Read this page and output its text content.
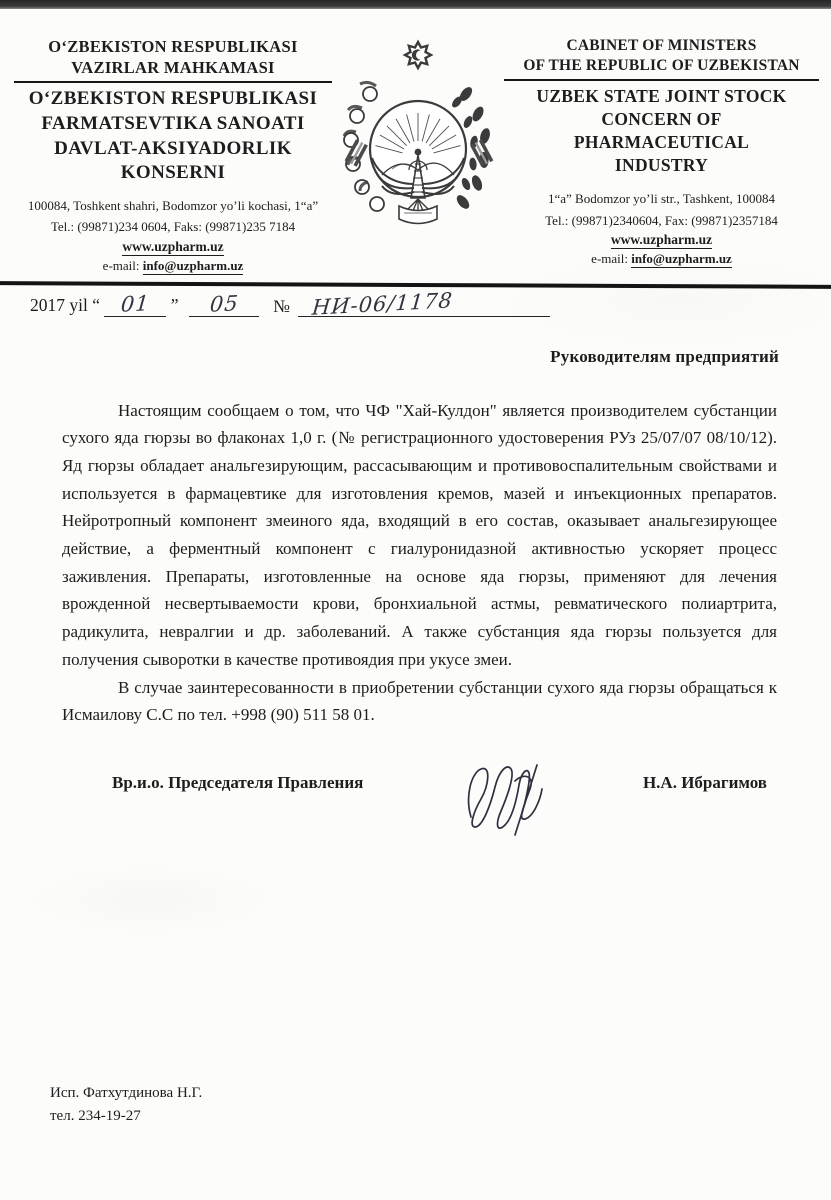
O‘ZBEKISTON RESPUBLIKASI
VAZIRLAR MAHKAMASI
O‘ZBEKISTON RESPUBLIKASI
FARMATSEVTIKA SANOATI
DAVLAT-AKSIYADORLIK
KONSERNI
100084, Toshkent shahri, Bodomzor yo’li kochasi, 1“a”
Tel.: (99871)234 0604, Faks: (99871)235 7184
www.uzpharm.uz
e-mail: info@uzpharm.uz
CABINET OF MINISTERS
OF THE REPUBLIC OF UZBEKISTAN
UZBEK STATE JOINT STOCK
CONCERN OF
PHARMACEUTICAL
INDUSTRY
1“a” Bodomzor yo’li str., Tashkent, 100084
Tel.: (99871)2340604, Fax: (99871)2357184
www.uzpharm.uz
e-mail: info@uzpharm.uz
2017 yil “ 01 ” 05 № НИ-06/1178
Руководителям предприятий

Настоящим сообщаем о том, что ЧФ "Хай-Кулдон" является производителем субстанции сухого яда гюрзы во флаконах 1,0 г. (№ регистрационного удостоверения РУз 25/07/07 08/10/12). Яд гюрзы обладает анальгезирующим, рассасывающим и противовоспалительным свойствами и используется в фармацевтике для изготовления кремов, мазей и инъекционных препаратов. Нейротропный компонент змеиного яда, входящий в его состав, оказывает анальгезирующее действие, а ферментный компонент с гиалуронидазной активностью ускоряет процесс заживления. Препараты, изготовленные на основе яда гюрзы, применяют для лечения врожденной несвертываемости крови, бронхиальной астмы, ревматического полиартрита, радикулита, невралгии и др. заболеваний. А также субстанция яда гюрзы пользуется для получения сыворотки в качестве противоядия при укусе змеи.

В случае заинтересованности в приобретении субстанции сухого яда гюрзы обращаться к Исмаилову С.С по тел. +998 (90) 511 58 01.

Вр.и.о. Председателя Правления	Н.А. Ибрагимов
Исп. Фатхутдинова Н.Г.
тел. 234-19-27
